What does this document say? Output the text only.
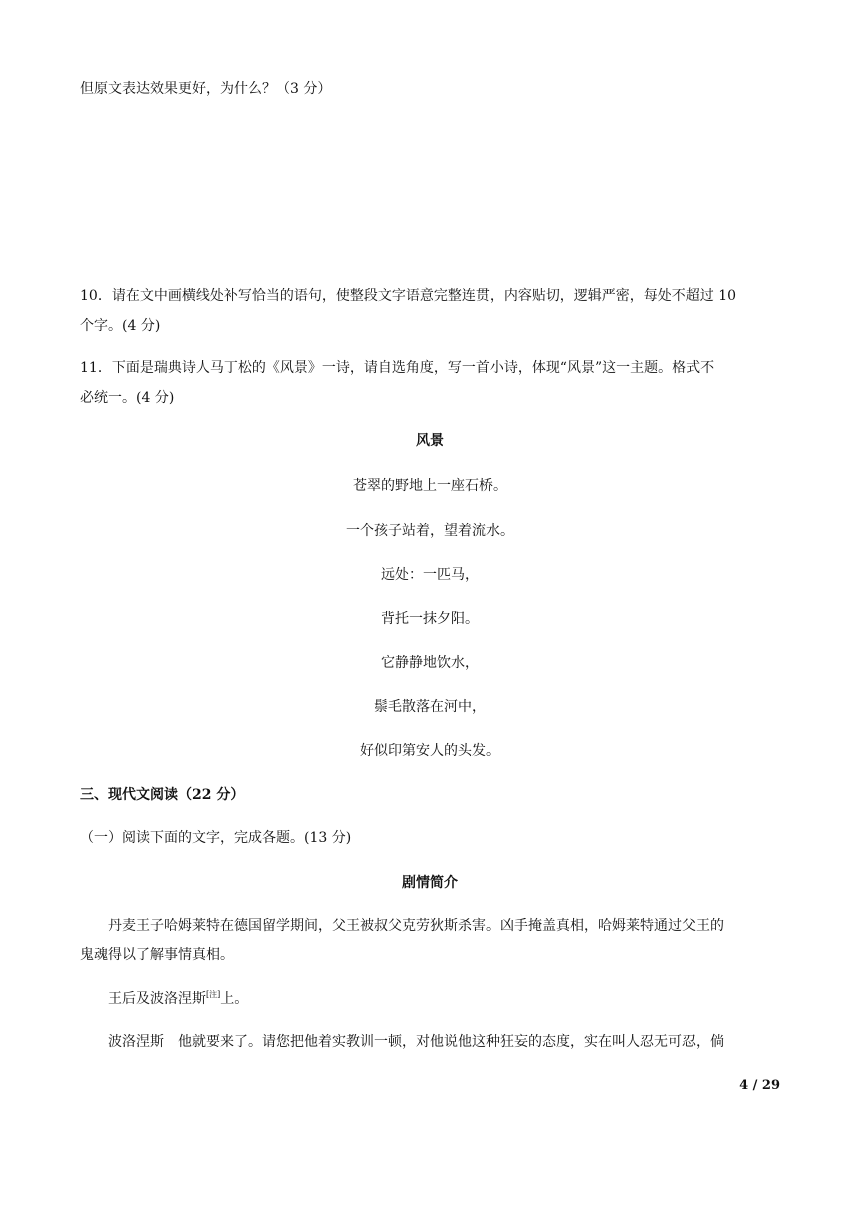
但原文表达效果更好，为什么？（3 分）
10．请在文中画横线处补写恰当的语句，使整段文字语意完整连贯，内容贴切，逻辑严密，每处不超过 10
个字。(4 分)
11．下面是瑞典诗人马丁松的《风景》一诗，请自选角度，写一首小诗，体现“风景”这一主题。格式不
必统一。(4 分)
风景
苍翠的野地上一座石桥。
一个孩子站着，望着流水。
远处：一匹马，
背托一抹夕阳。
它静静地饮水，
鬃毛散落在河中，
好似印第安人的头发。
三、现代文阅读（22 分）
（一）阅读下面的文字，完成各题。(13 分)
剧情简介
丹麦王子哈姆莱特在德国留学期间，父王被叔父克劳狄斯杀害。凶手掩盖真相，哈姆莱特通过父王的
鬼魂得以了解事情真相。
王后及波洛涅斯[注]上。
波洛涅斯　 他就要来了。请您把他着实教训一顿，对他说他这种狂妄的态度，实在叫人忍无可忍，倘
4 / 29
